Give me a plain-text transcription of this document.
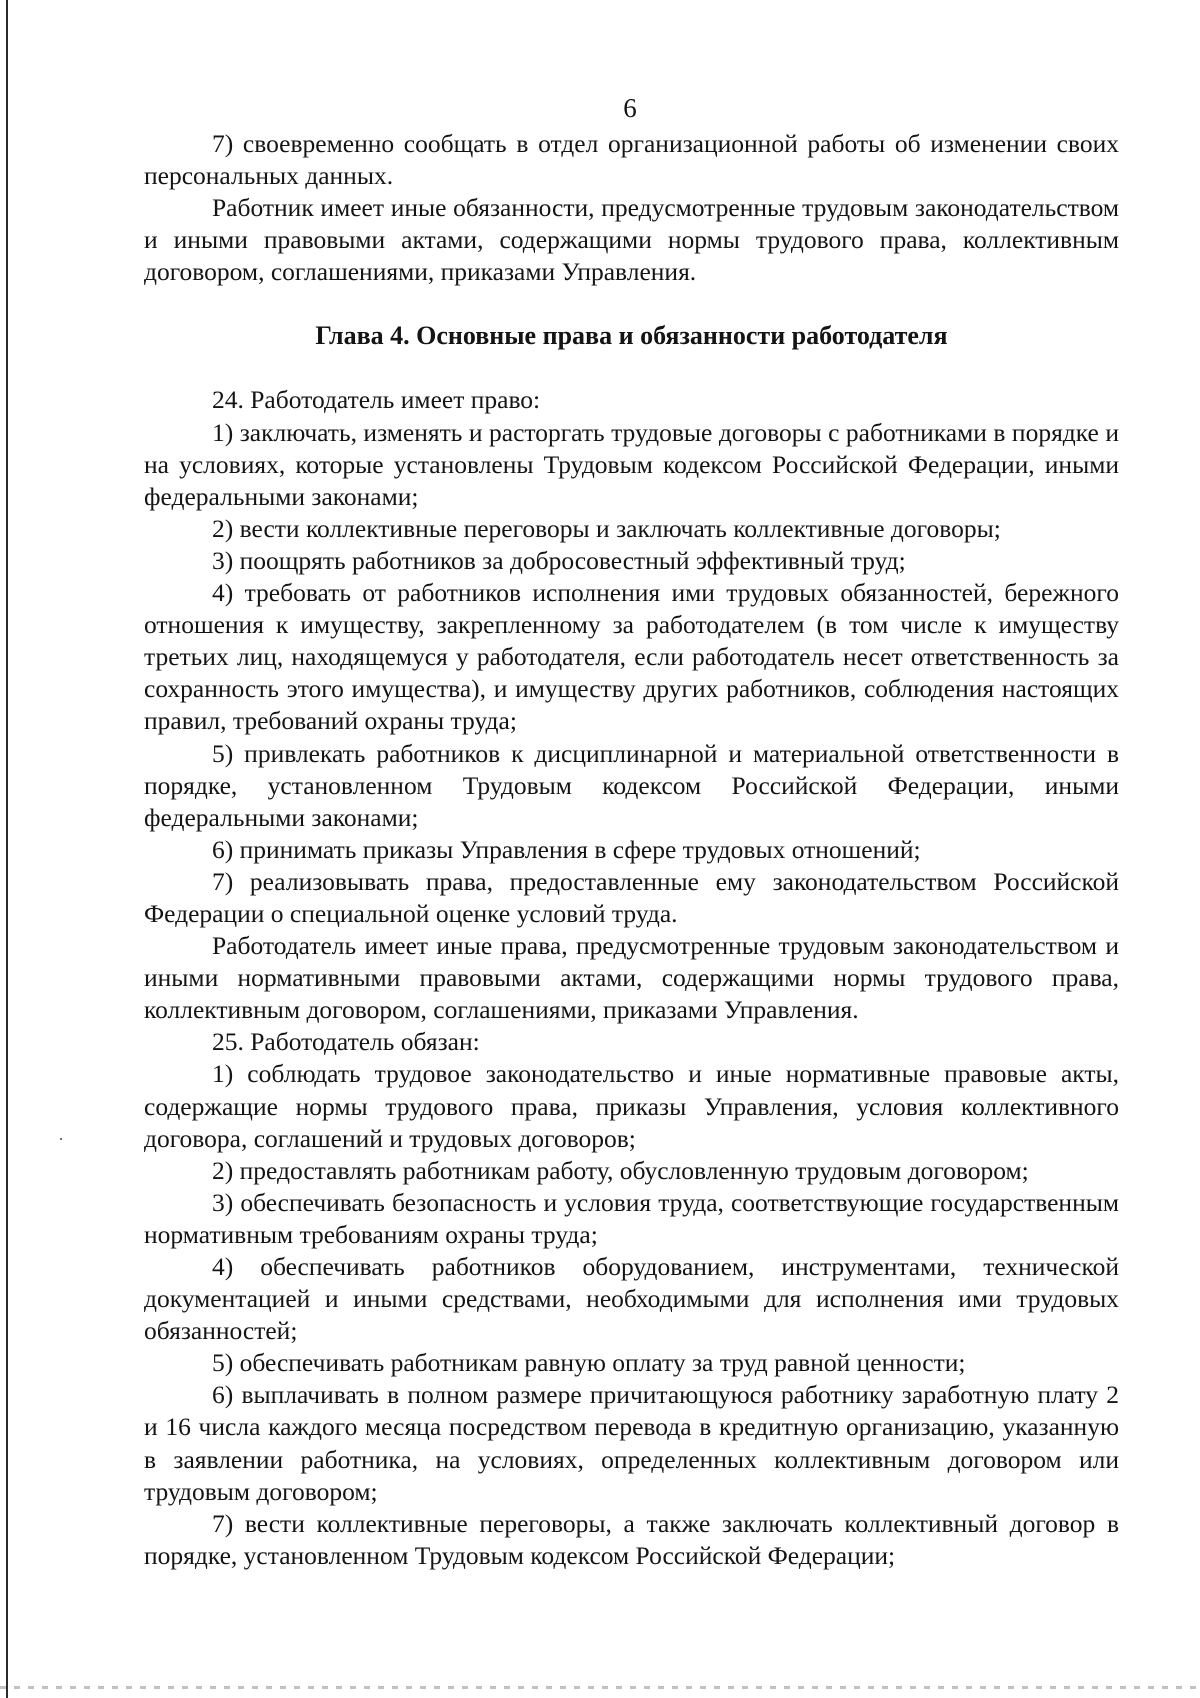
6

7) своевременно сообщать в отдел организационной работы об изменении своих персональных данных.

Работник имеет иные обязанности, предусмотренные трудовым законодательством и иными правовыми актами, содержащими нормы трудового права, коллективным договором, соглашениями, приказами Управления.

Глава 4. Основные права и обязанности работодателя

24. Работодатель имеет право:

1) заключать, изменять и расторгать трудовые договоры с работниками в порядке и на условиях, которые установлены Трудовым кодексом Российской Федерации, иными федеральными законами;

2) вести коллективные переговоры и заключать коллективные договоры;

3) поощрять работников за добросовестный эффективный труд;

4) требовать от работников исполнения ими трудовых обязанностей, бережного отношения к имуществу, закрепленному за работодателем (в том числе к имуществу третьих лиц, находящемуся у работодателя, если работодатель несет ответственность за сохранность этого имущества), и имуществу других работников, соблюдения настоящих правил, требований охраны труда;

5) привлекать работников к дисциплинарной и материальной ответственности в порядке, установленном Трудовым кодексом Российской Федерации, иными федеральными законами;

6) принимать приказы Управления в сфере трудовых отношений;

7) реализовывать права, предоставленные ему законодательством Российской Федерации о специальной оценке условий труда.

Работодатель имеет иные права, предусмотренные трудовым законодательством и иными нормативными правовыми актами, содержащими нормы трудового права, коллективным договором, соглашениями, приказами Управления.

25. Работодатель обязан:

1) соблюдать трудовое законодательство и иные нормативные правовые акты, содержащие нормы трудового права, приказы Управления, условия коллективного договора, соглашений и трудовых договоров;

2) предоставлять работникам работу, обусловленную трудовым договором;

3) обеспечивать безопасность и условия труда, соответствующие государственным нормативным требованиям охраны труда;

4) обеспечивать работников оборудованием, инструментами, технической документацией и иными средствами, необходимыми для исполнения ими трудовых обязанностей;

5) обеспечивать работникам равную оплату за труд равной ценности;

6) выплачивать в полном размере причитающуюся работнику заработную плату 2 и 16 числа каждого месяца посредством перевода в кредитную организацию, указанную в заявлении работника, на условиях, определенных коллективным договором или трудовым договором;

7) вести коллективные переговоры, а также заключать коллективный договор в порядке, установленном Трудовым кодексом Российской Федерации;
